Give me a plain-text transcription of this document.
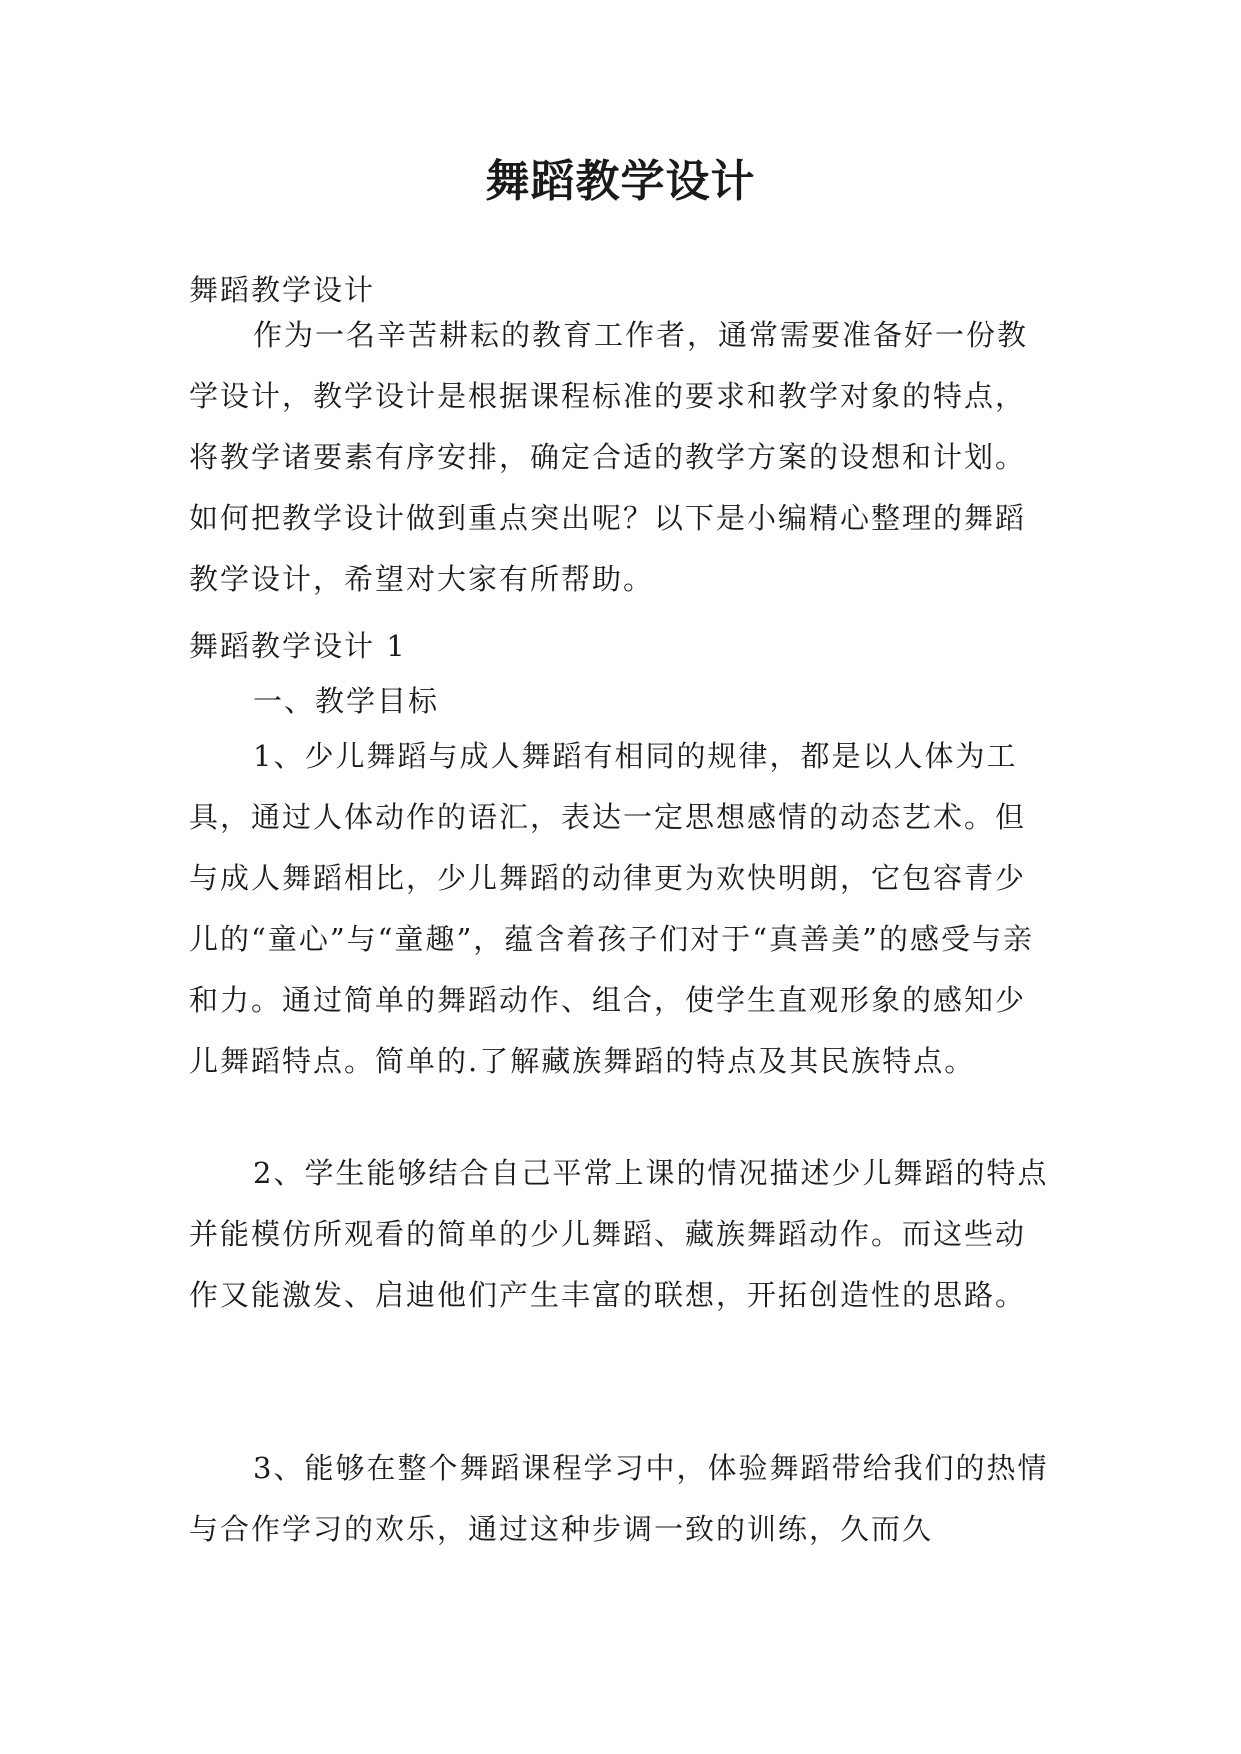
舞蹈教学设计

舞蹈教学设计

作为一名辛苦耕耘的教育工作者，通常需要准备好一份教学设计，教学设计是根据课程标准的要求和教学对象的特点，将教学诸要素有序安排，确定合适的教学方案的设想和计划。如何把教学设计做到重点突出呢？以下是小编精心整理的舞蹈教学设计，希望对大家有所帮助。

舞蹈教学设计 1

一、教学目标

1、少儿舞蹈与成人舞蹈有相同的规律，都是以人体为工具，通过人体动作的语汇，表达一定思想感情的动态艺术。但与成人舞蹈相比，少儿舞蹈的动律更为欢快明朗，它包容青少儿的“童心”与“童趣”，蕴含着孩子们对于“真善美”的感受与亲和力。通过简单的舞蹈动作、组合，使学生直观形象的感知少儿舞蹈特点。简单的.了解藏族舞蹈的特点及其民族特点。

2、学生能够结合自己平常上课的情况描述少儿舞蹈的特点并能模仿所观看的简单的少儿舞蹈、藏族舞蹈动作。而这些动作又能激发、启迪他们产生丰富的联想，开拓创造性的思路。

3、能够在整个舞蹈课程学习中，体验舞蹈带给我们的热情与合作学习的欢乐，通过这种步调一致的训练，久而久
